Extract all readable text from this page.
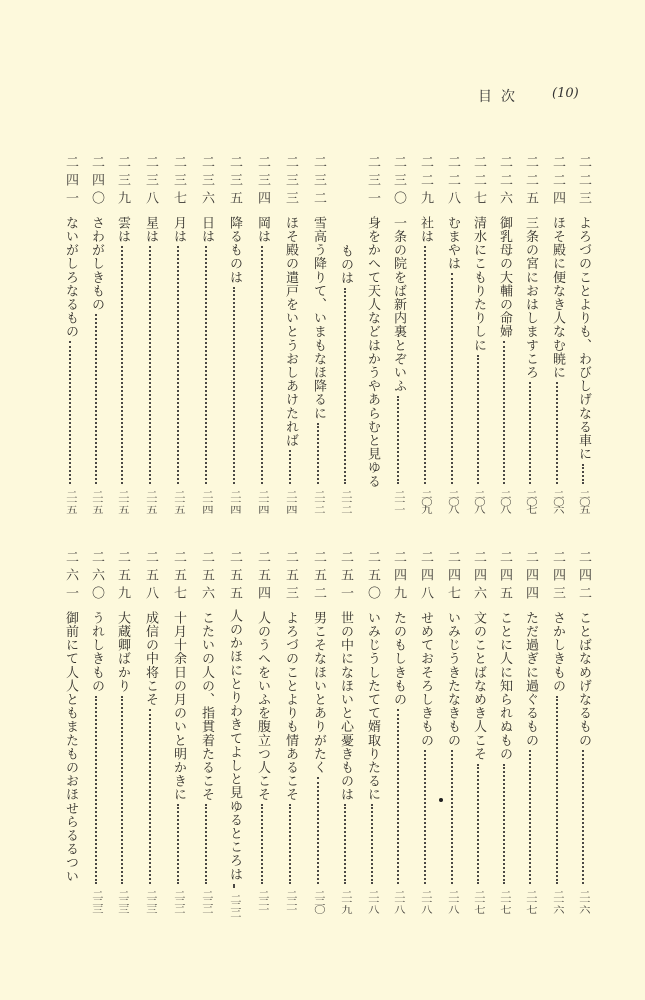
目次 (10)
二二三
よろづのことよりも、わびしげなる車に
二〇五
二二四
ほそ殿に便なき人なむ暁に
二〇六
二二五
三条の宮におはしますころ
二〇七
二二六
御乳母の大輔の命婦
二〇八
二二七
清水にこもりたりしに
二〇八
二二八
むまやは
二〇八
二二九
社は
二〇九
二三〇
一条の院をば新内裏とぞいふ
二一一
二三一
身をかへて天人などはかうやあらむと見ゆる
ものは
二一二
二三二
雪高う降りて、いまもなほ降るに
二一二
二三三
ほそ殿の遣戸をいとうおしあけたれば
二一四
二三四
岡は
二一四
二三五
降るものは
二一四
二三六
日は
二一四
二三七
月は
二一五
二三八
星は
二一五
二三九
雲は
二一五
二四〇
さわがしきもの
二一五
二四一
ないがしろなるもの
二一五
二四二
ことばなめげなるもの
二一六
二四三
さかしきもの
二一六
二四四
ただ過ぎに過ぐるもの
二一七
二四五
ことに人に知られぬもの
二一七
二四六
文のことばなめき人こそ
二一七
二四七
いみじうきたなきもの
二一八
二四八
せめておそろしきもの
二一八
二四九
たのもしきもの
二一八
二五〇
いみじうしたてて婿取りたるに
二一八
二五一
世の中になほいと心憂きものは
二一九
二五二
男こそなほいとありがたく
二二〇
二五三
よろづのことよりも情あるこそ
二二一
二五四
人のうへをいふを腹立つ人こそ
二二一
二五五
人のかほにとりわきてよしと見ゆるところは
二二二
二五六
こたいの人の、指貫着たるこそ
二二二
二五七
十月十余日の月のいと明かきに
二二二
二五八
成信の中将こそ
二二三
二五九
大蔵卿ばかり
二二三
二六〇
うれしきもの
二二三
二六一
御前にて人人ともまたものおほせらるるつい
